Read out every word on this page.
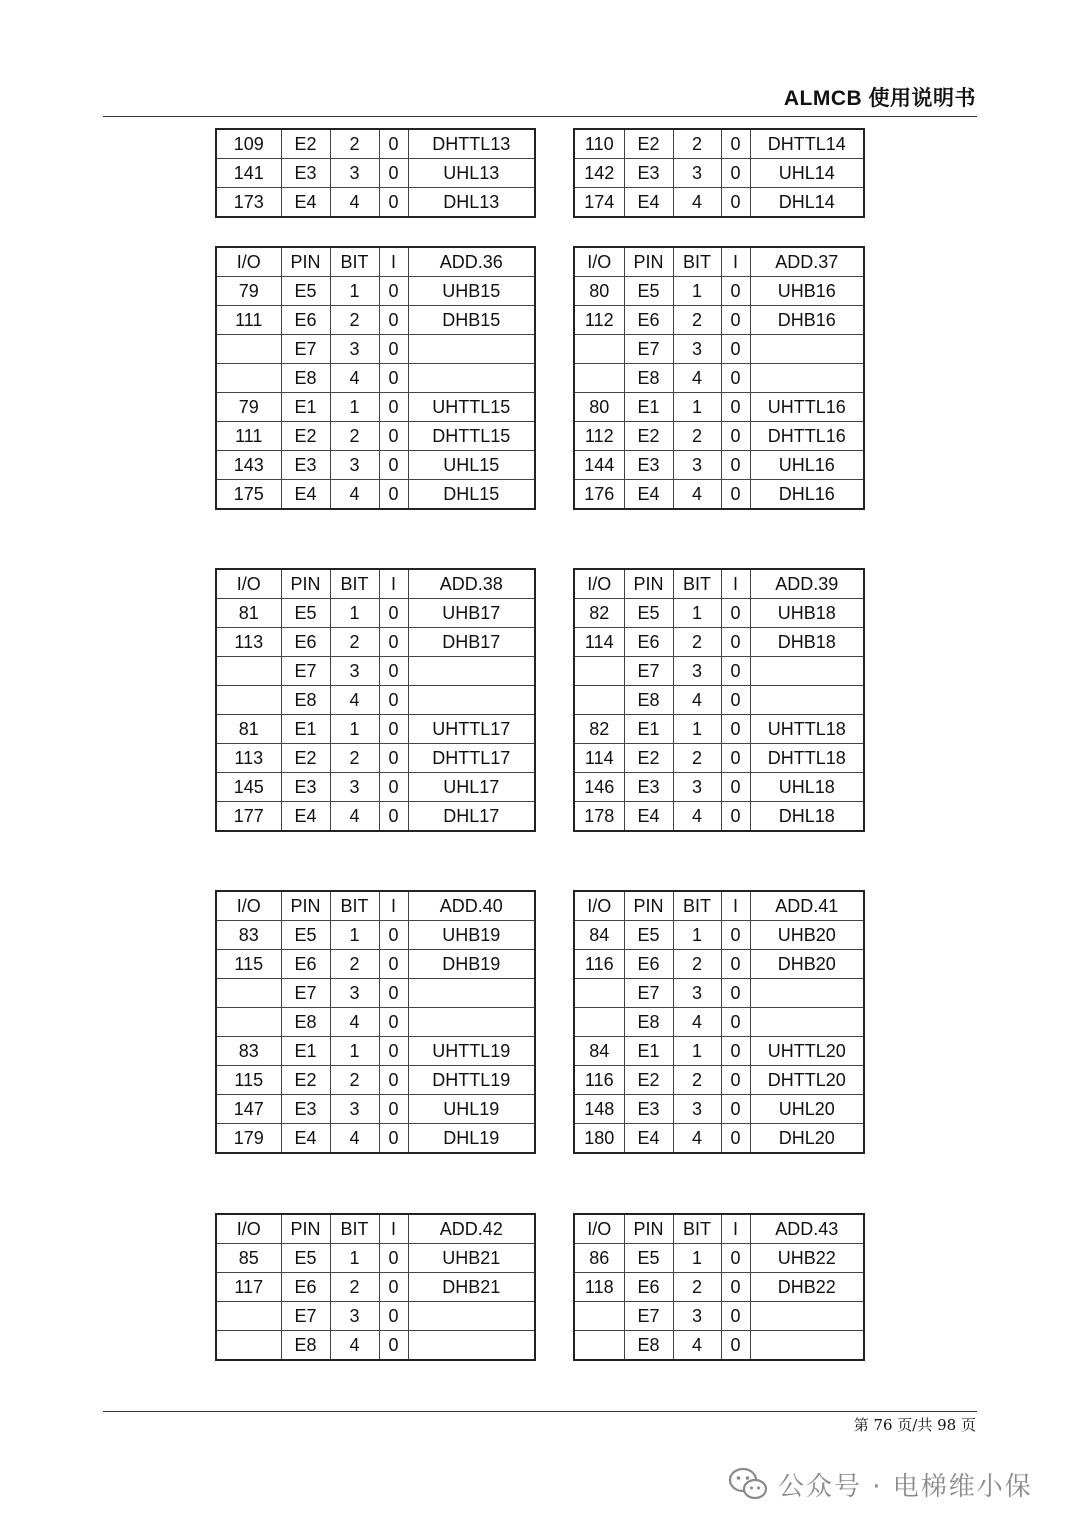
ALMCB 使用说明书
109	E2	2	0	DHTTL13
141	E3	3	0	UHL13
173	E4	4	0	DHL13
110	E2	2	0	DHTTL14
142	E3	3	0	UHL14
174	E4	4	0	DHL14
I/O	PIN	BIT	I	ADD.36
79	E5	1	0	UHB15
111	E6	2	0	DHB15
	E7	3	0	
	E8	4	0	
79	E1	1	0	UHTTL15
111	E2	2	0	DHTTL15
143	E3	3	0	UHL15
175	E4	4	0	DHL15
I/O	PIN	BIT	I	ADD.37
80	E5	1	0	UHB16
112	E6	2	0	DHB16
	E7	3	0	
	E8	4	0	
80	E1	1	0	UHTTL16
112	E2	2	0	DHTTL16
144	E3	3	0	UHL16
176	E4	4	0	DHL16
I/O	PIN	BIT	I	ADD.38
81	E5	1	0	UHB17
113	E6	2	0	DHB17
	E7	3	0	
	E8	4	0	
81	E1	1	0	UHTTL17
113	E2	2	0	DHTTL17
145	E3	3	0	UHL17
177	E4	4	0	DHL17
I/O	PIN	BIT	I	ADD.39
82	E5	1	0	UHB18
114	E6	2	0	DHB18
	E7	3	0	
	E8	4	0	
82	E1	1	0	UHTTL18
114	E2	2	0	DHTTL18
146	E3	3	0	UHL18
178	E4	4	0	DHL18
I/O	PIN	BIT	I	ADD.40
83	E5	1	0	UHB19
115	E6	2	0	DHB19
	E7	3	0	
	E8	4	0	
83	E1	1	0	UHTTL19
115	E2	2	0	DHTTL19
147	E3	3	0	UHL19
179	E4	4	0	DHL19
I/O	PIN	BIT	I	ADD.41
84	E5	1	0	UHB20
116	E6	2	0	DHB20
	E7	3	0	
	E8	4	0	
84	E1	1	0	UHTTL20
116	E2	2	0	DHTTL20
148	E3	3	0	UHL20
180	E4	4	0	DHL20
I/O	PIN	BIT	I	ADD.42
85	E5	1	0	UHB21
117	E6	2	0	DHB21
	E7	3	0	
	E8	4	0	
I/O	PIN	BIT	I	ADD.43
86	E5	1	0	UHB22
118	E6	2	0	DHB22
	E7	3	0	
	E8	4	0	
第 76 页/共 98 页
公众号 · 电梯维小保
